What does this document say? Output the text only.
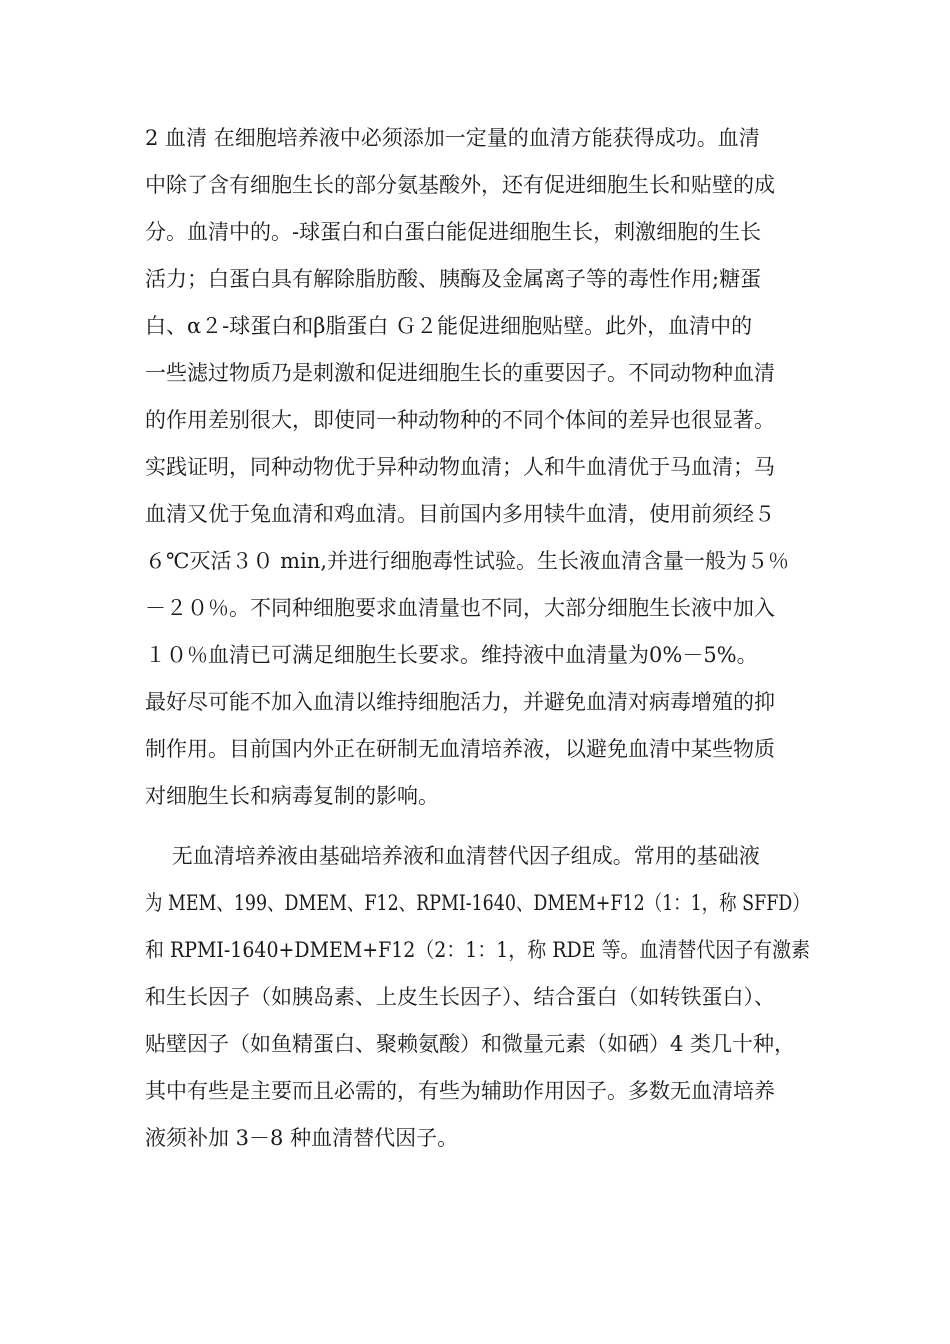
2 血清 在细胞培养液中必须添加一定量的血清方能获得成功。血清
中除了含有细胞生长的部分氨基酸外，还有促进细胞生长和贴壁的成
分。血清中的。-球蛋白和白蛋白能促进细胞生长，刺激细胞的生长
活力；白蛋白具有解除脂肪酸、胰酶及金属离子等的毒性作用;糖蛋
白、α２-球蛋白和β脂蛋白 Ｇ２能促进细胞贴壁。此外，血清中的
一些滤过物质乃是刺激和促进细胞生长的重要因子。不同动物种血清
的作用差别很大，即使同一种动物种的不同个体间的差异也很显著。
实践证明，同种动物优于异种动物血清；人和牛血清优于马血清；马
血清又优于兔血清和鸡血清。目前国内多用犊牛血清，使用前须经５
６℃灭活３０ min,并进行细胞毒性试验。生长液血清含量一般为５％
－２０％。不同种细胞要求血清量也不同，大部分细胞生长液中加入
１０％血清已可满足细胞生长要求。维持液中血清量为0%－5%。
最好尽可能不加入血清以维持细胞活力，并避免血清对病毒增殖的抑
制作用。目前国内外正在研制无血清培养液，以避免血清中某些物质
对细胞生长和病毒复制的影响。
无血清培养液由基础培养液和血清替代因子组成。常用的基础液
为 MEM、199、DMEM、F12、RPMI-1640、DMEM+F12（1：1，称 SFFD）
和 RPMI-1640+DMEM+F12（2：1：1，称 RDE 等。血清替代因子有激素
和生长因子（如胰岛素、上皮生长因子）、结合蛋白（如转铁蛋白）、
贴壁因子（如鱼精蛋白、聚赖氨酸）和微量元素（如硒）4 类几十种，
其中有些是主要而且必需的，有些为辅助作用因子。多数无血清培养
液须补加 3－8 种血清替代因子。
